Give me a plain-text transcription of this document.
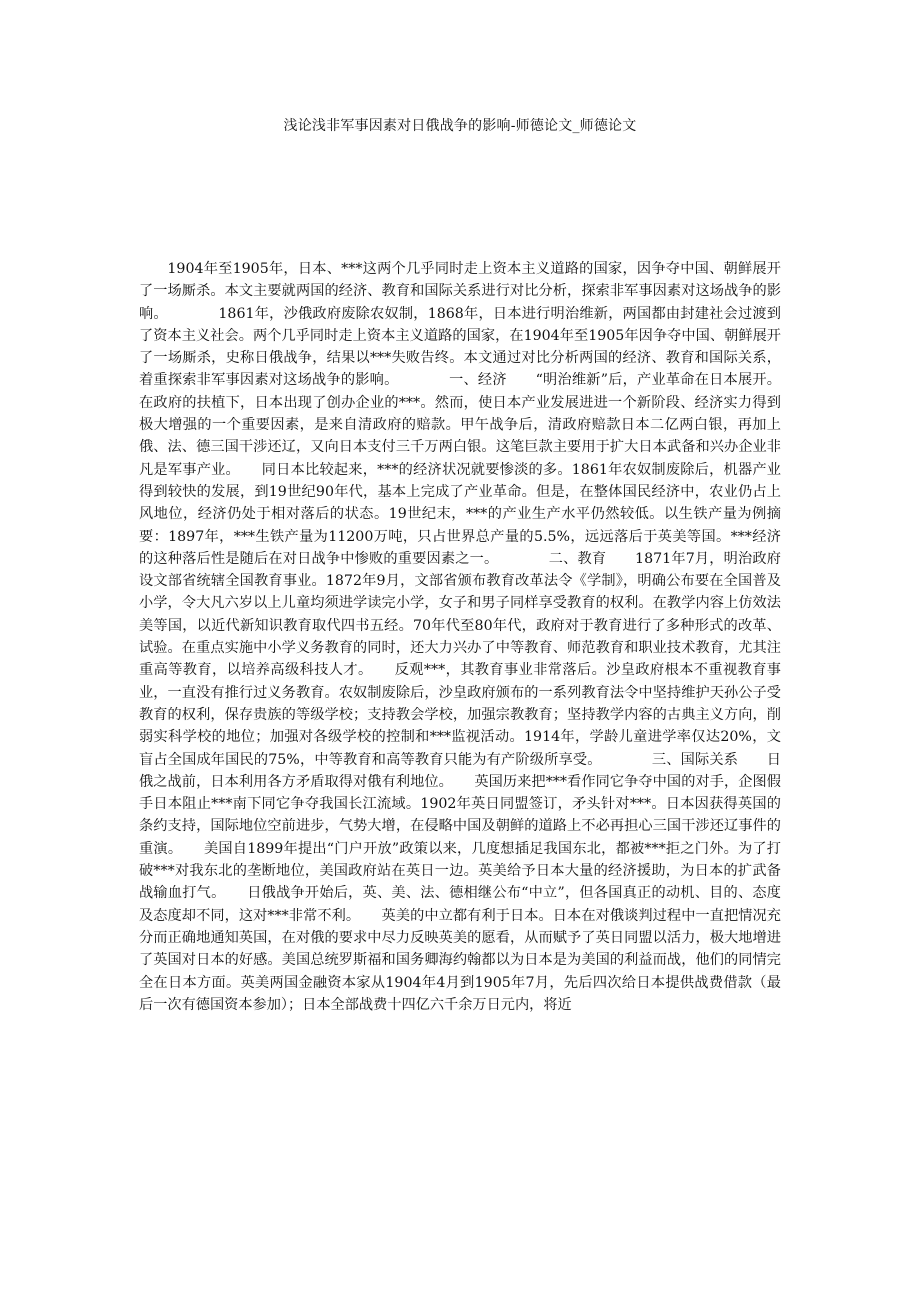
浅论浅非军事因素对日俄战争的影响-师德论文_师德论文
1904年至1905年，日本、***这两个几乎同时走上资本主义道路的国家，因争夺中国、朝鲜展开了一场厮杀。本文主要就两国的经济、教育和国际关系进行对比分析，探索非军事因素对这场战争的影响。　　　　1861年，沙俄政府废除农奴制，1868年，日本进行明治维新，两国都由封建社会过渡到了资本主义社会。两个几乎同时走上资本主义道路的国家，在1904年至1905年因争夺中国、朝鲜展开了一场厮杀，史称日俄战争，结果以***失败告终。本文通过对比分析两国的经济、教育和国际关系，着重探索非军事因素对这场战争的影响。　　　　一、经济　　“明治维新”后，产业革命在日本展开。在政府的扶植下，日本出现了创办企业的***。然而，使日本产业发展进进一个新阶段、经济实力得到极大增强的一个重要因素，是来自清政府的赔款。甲午战争后，清政府赔款日本二亿两白银，再加上俄、法、德三国干涉还辽，又向日本支付三千万两白银。这笔巨款主要用于扩大日本武备和兴办企业非凡是军事产业。　　同日本比较起来，***的经济状况就要惨淡的多。1861年农奴制废除后，机器产业得到较快的发展，到19世纪90年代，基本上完成了产业革命。但是，在整体国民经济中，农业仍占上风地位，经济仍处于相对落后的状态。19世纪末，***的产业生产水平仍然较低。以生铁产量为例摘要：1897年，***生铁产量为11200万吨，只占世界总产量的5.5%，远远落后于英美等国。***经济的这种落后性是随后在对日战争中惨败的重要因素之一。　　　　二、教育　　1871年7月，明治政府设文部省统辖全国教育事业。1872年9月，文部省颁布教育改革法令《学制》，明确公布要在全国普及小学，令大凡六岁以上儿童均须进学读完小学，女子和男子同样享受教育的权利。在教学内容上仿效法美等国，以近代新知识教育取代四书五经。70年代至80年代，政府对于教育进行了多种形式的改革、试验。在重点实施中小学义务教育的同时，还大力兴办了中等教育、师范教育和职业技术教育，尤其注重高等教育，以培养高级科技人才。　　反观***，其教育事业非常落后。沙皇政府根本不重视教育事业，一直没有推行过义务教育。农奴制废除后，沙皇政府颁布的一系列教育法令中坚持维护天孙公子受教育的权利，保存贵族的等级学校；支持教会学校，加强宗教教育；坚持教学内容的古典主义方向，削弱实科学校的地位；加强对各级学校的控制和***监视活动。1914年，学龄儿童进学率仅达20%，文盲占全国成年国民的75%，中等教育和高等教育只能为有产阶级所享受。　　　　三、国际关系　　日俄之战前，日本利用各方矛盾取得对俄有利地位。　　英国历来把***看作同它争夺中国的对手，企图假手日本阻止***南下同它争夺我国长江流域。1902年英日同盟签订，矛头针对***。日本因获得英国的条约支持，国际地位空前进步，气势大增，在侵略中国及朝鲜的道路上不必再担心三国干涉还辽事件的重演。　　美国自1899年提出“门户开放”政策以来，几度想插足我国东北，都被***拒之门外。为了打破***对我东北的垄断地位，美国政府站在英日一边。英美给予日本大量的经济援助，为日本的扩武备战输血打气。　　日俄战争开始后，英、美、法、德相继公布“中立”，但各国真正的动机、目的、态度及态度却不同，这对***非常不利。　　英美的中立都有利于日本。日本在对俄谈判过程中一直把情况充分而正确地通知英国，在对俄的要求中尽力反映英美的愿看，从而赋予了英日同盟以活力，极大地增进了英国对日本的好感。美国总统罗斯福和国务卿海约翰都以为日本是为美国的利益而战，他们的同情完全在日本方面。英美两国金融资本家从1904年4月到1905年7月，先后四次给日本提供战费借款（最后一次有德国资本参加）；日本全部战费十四亿六千余万日元内，将近
